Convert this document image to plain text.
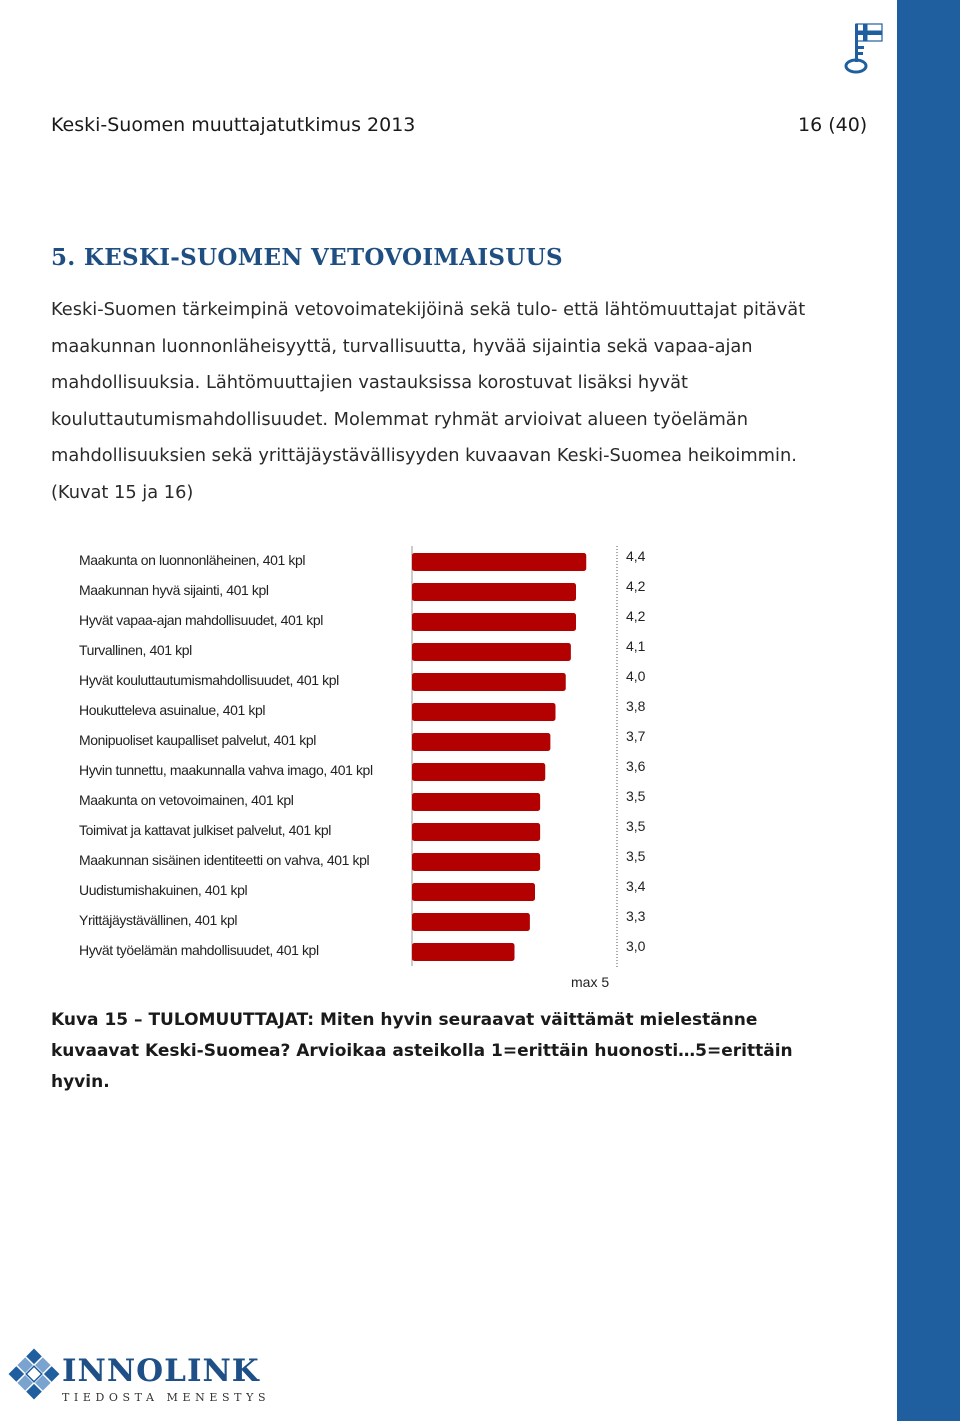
Keski-Suomen muuttajatutkimus 2013	16 (40)
5. KESKI-SUOMEN VETOVOIMAISUUS

Keski-Suomen tärkeimpinä vetovoimatekijöinä sekä tulo- että lähtömuuttajat pitävät maakunnan luonnonläheisyyttä, turvallisuutta, hyvää sijaintia sekä vapaa-ajan mahdollisuuksia. Lähtömuuttajien vastauksissa korostuvat lisäksi hyvät kouluttautumismahdollisuudet. Molemmat ryhmät arvioivat alueen työelämän mahdollisuuksien sekä yrittäjäystävällisyyden kuvaavan Keski-Suomea heikoimmin. (Kuvat 15 ja 16)

Maakunta on luonnonläheinen, 401 kpl	4,4
Maakunnan hyvä sijainti, 401 kpl	4,2
Hyvät vapaa-ajan mahdollisuudet, 401 kpl	4,2
Turvallinen, 401 kpl	4,1
Hyvät kouluttautumismahdollisuudet, 401 kpl	4,0
Houkutteleva asuinalue, 401 kpl	3,8
Monipuoliset kaupalliset palvelut, 401 kpl	3,7
Hyvin tunnettu, maakunnalla vahva imago, 401 kpl	3,6
Maakunta on vetovoimainen, 401 kpl	3,5
Toimivat ja kattavat julkiset palvelut, 401 kpl	3,5
Maakunnan sisäinen identiteetti on vahva, 401 kpl	3,5
Uudistumishakuinen, 401 kpl	3,4
Yrittäjäystävällinen, 401 kpl	3,3
Hyvät työelämän mahdollisuudet, 401 kpl	3,0
max 5

Kuva 15 – TULOMUUTTAJAT: Miten hyvin seuraavat väittämät mielestänne kuvaavat Keski-Suomea? Arvioikaa asteikolla 1=erittäin huonosti…5=erittäin hyvin.

INNOLINK
TIEDOSTA MENESTYS
